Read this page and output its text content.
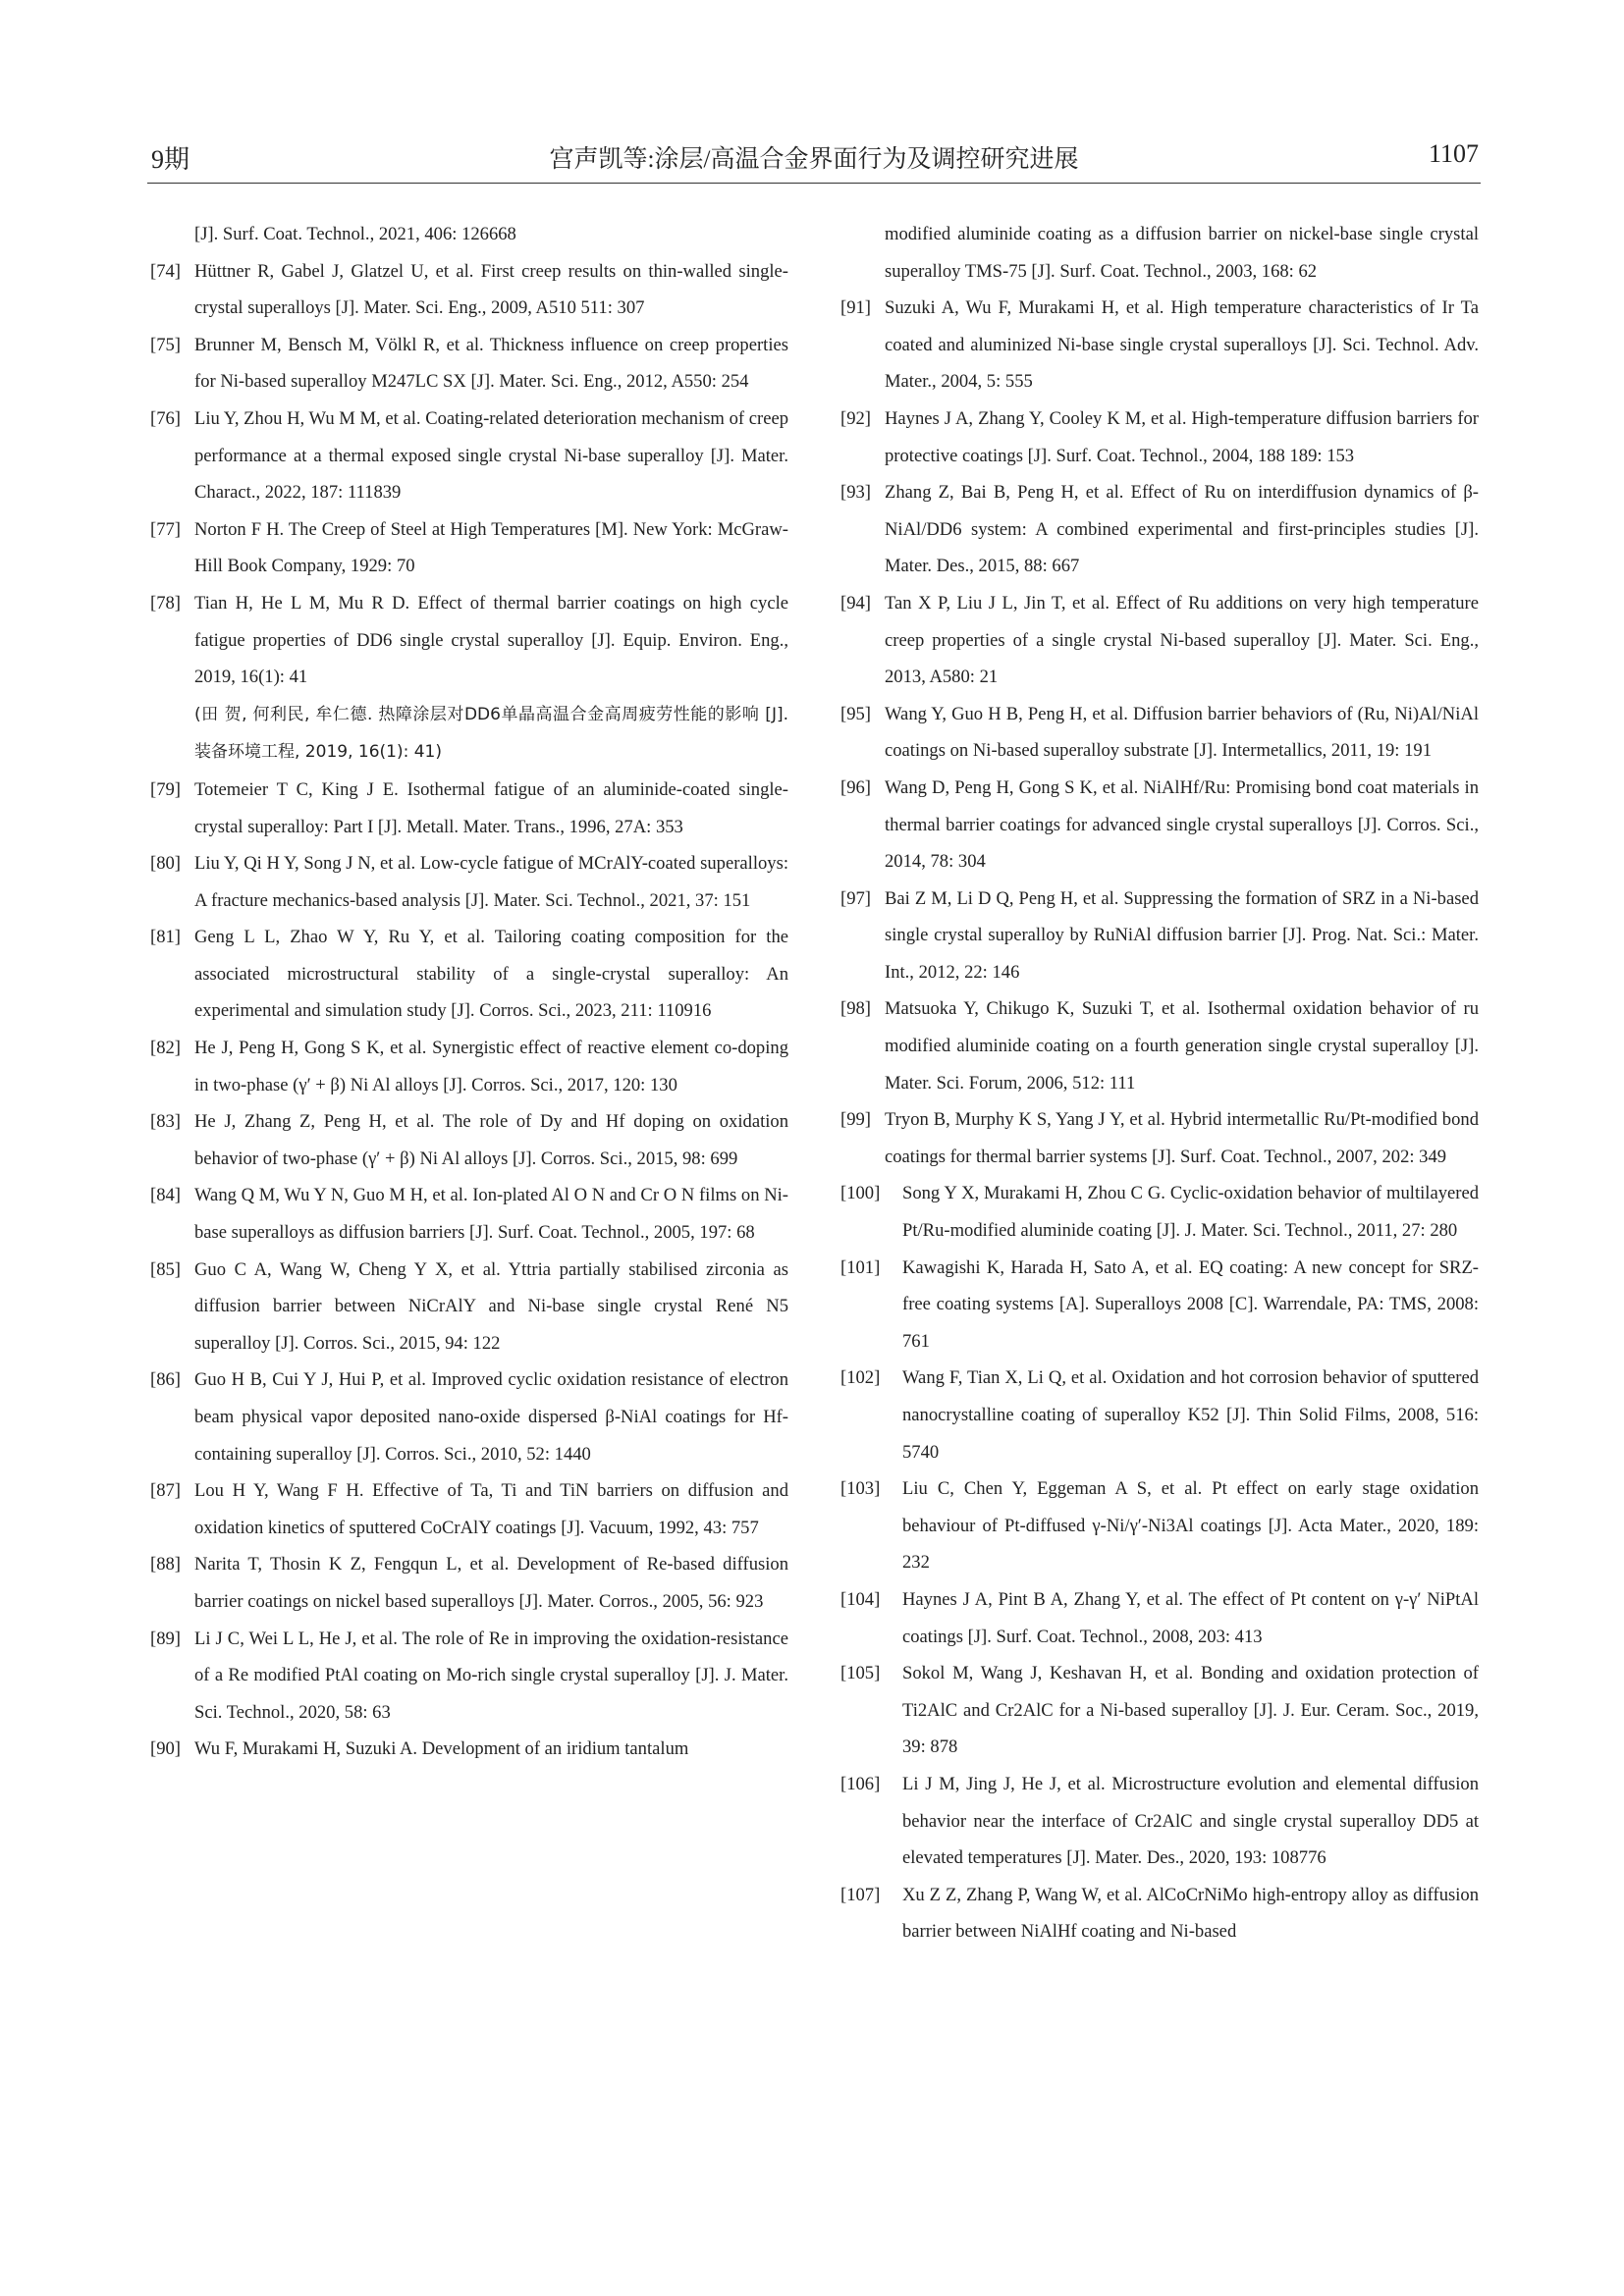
9期	宫声凯等:涂层/高温合金界面行为及调控研究进展	1107

[J]. Surf. Coat. Technol., 2021, 406: 126668

[74] Hüttner R, Gabel J, Glatzel U, et al. First creep results on thin-walled single-crystal superalloys [J]. Mater. Sci. Eng., 2009, A510 511: 307

[75] Brunner M, Bensch M, Völkl R, et al. Thickness influence on creep properties for Ni-based superalloy M247LC SX [J]. Mater. Sci. Eng., 2012, A550: 254

[76] Liu Y, Zhou H, Wu M M, et al. Coating-related deterioration mechanism of creep performance at a thermal exposed single crystal Ni-base superalloy [J]. Mater. Charact., 2022, 187: 111839

[77] Norton F H. The Creep of Steel at High Temperatures [M]. New York: McGraw-Hill Book Company, 1929: 70

[78] Tian H, He L M, Mu R D. Effect of thermal barrier coatings on high cycle fatigue properties of DD6 single crystal superalloy [J]. Equip. Environ. Eng., 2019, 16(1): 41
(田 贺, 何利民, 牟仁德. 热障涂层对DD6单晶高温合金高周疲劳性能的影响 [J]. 装备环境工程, 2019, 16(1): 41)

[79] Totemeier T C, King J E. Isothermal fatigue of an aluminide-coated single-crystal superalloy: Part I [J]. Metall. Mater. Trans., 1996, 27A: 353

[80] Liu Y, Qi H Y, Song J N, et al. Low-cycle fatigue of MCrAlY-coated superalloys: A fracture mechanics-based analysis [J]. Mater. Sci. Technol., 2021, 37: 151

[81] Geng L L, Zhao W Y, Ru Y, et al. Tailoring coating composition for the associated microstructural stability of a single-crystal superalloy: An experimental and simulation study [J]. Corros. Sci., 2023, 211: 110916

[82] He J, Peng H, Gong S K, et al. Synergistic effect of reactive element co-doping in two-phase (γ′ + β) Ni Al alloys [J]. Corros. Sci., 2017, 120: 130

[83] He J, Zhang Z, Peng H, et al. The role of Dy and Hf doping on oxidation behavior of two-phase (γ′ + β) Ni Al alloys [J]. Corros. Sci., 2015, 98: 699

[84] Wang Q M, Wu Y N, Guo M H, et al. Ion-plated Al O N and Cr O N films on Ni-base superalloys as diffusion barriers [J]. Surf. Coat. Technol., 2005, 197: 68

[85] Guo C A, Wang W, Cheng Y X, et al. Yttria partially stabilised zirconia as diffusion barrier between NiCrAlY and Ni-base single crystal René N5 superalloy [J]. Corros. Sci., 2015, 94: 122

[86] Guo H B, Cui Y J, Hui P, et al. Improved cyclic oxidation resistance of electron beam physical vapor deposited nano-oxide dispersed β-NiAl coatings for Hf-containing superalloy [J]. Corros. Sci., 2010, 52: 1440

[87] Lou H Y, Wang F H. Effective of Ta, Ti and TiN barriers on diffusion and oxidation kinetics of sputtered CoCrAlY coatings [J]. Vacuum, 1992, 43: 757

[88] Narita T, Thosin K Z, Fengqun L, et al. Development of Re-based diffusion barrier coatings on nickel based superalloys [J]. Mater. Corros., 2005, 56: 923

[89] Li J C, Wei L L, He J, et al. The role of Re in improving the oxidation-resistance of a Re modified PtAl coating on Mo-rich single crystal superalloy [J]. J. Mater. Sci. Technol., 2020, 58: 63

[90] Wu F, Murakami H, Suzuki A. Development of an iridium tantalum

modified aluminide coating as a diffusion barrier on nickel-base single crystal superalloy TMS-75 [J]. Surf. Coat. Technol., 2003, 168: 62

[91] Suzuki A, Wu F, Murakami H, et al. High temperature characteristics of Ir Ta coated and aluminized Ni-base single crystal superalloys [J]. Sci. Technol. Adv. Mater., 2004, 5: 555

[92] Haynes J A, Zhang Y, Cooley K M, et al. High-temperature diffusion barriers for protective coatings [J]. Surf. Coat. Technol., 2004, 188 189: 153

[93] Zhang Z, Bai B, Peng H, et al. Effect of Ru on interdiffusion dynamics of β-NiAl/DD6 system: A combined experimental and first-principles studies [J]. Mater. Des., 2015, 88: 667

[94] Tan X P, Liu J L, Jin T, et al. Effect of Ru additions on very high temperature creep properties of a single crystal Ni-based superalloy [J]. Mater. Sci. Eng., 2013, A580: 21

[95] Wang Y, Guo H B, Peng H, et al. Diffusion barrier behaviors of (Ru, Ni)Al/NiAl coatings on Ni-based superalloy substrate [J]. Intermetallics, 2011, 19: 191

[96] Wang D, Peng H, Gong S K, et al. NiAlHf/Ru: Promising bond coat materials in thermal barrier coatings for advanced single crystal superalloys [J]. Corros. Sci., 2014, 78: 304

[97] Bai Z M, Li D Q, Peng H, et al. Suppressing the formation of SRZ in a Ni-based single crystal superalloy by RuNiAl diffusion barrier [J]. Prog. Nat. Sci.: Mater. Int., 2012, 22: 146

[98] Matsuoka Y, Chikugo K, Suzuki T, et al. Isothermal oxidation behavior of ru modified aluminide coating on a fourth generation single crystal superalloy [J]. Mater. Sci. Forum, 2006, 512: 111

[99] Tryon B, Murphy K S, Yang J Y, et al. Hybrid intermetallic Ru/Pt-modified bond coatings for thermal barrier systems [J]. Surf. Coat. Technol., 2007, 202: 349

[100] Song Y X, Murakami H, Zhou C G. Cyclic-oxidation behavior of multilayered Pt/Ru-modified aluminide coating [J]. J. Mater. Sci. Technol., 2011, 27: 280

[101] Kawagishi K, Harada H, Sato A, et al. EQ coating: A new concept for SRZ-free coating systems [A]. Superalloys 2008 [C]. Warrendale, PA: TMS, 2008: 761

[102] Wang F, Tian X, Li Q, et al. Oxidation and hot corrosion behavior of sputtered nanocrystalline coating of superalloy K52 [J]. Thin Solid Films, 2008, 516: 5740

[103] Liu C, Chen Y, Eggeman A S, et al. Pt effect on early stage oxidation behaviour of Pt-diffused γ-Ni/γ′-Ni3Al coatings [J]. Acta Mater., 2020, 189: 232

[104] Haynes J A, Pint B A, Zhang Y, et al. The effect of Pt content on γ-γ′ NiPtAl coatings [J]. Surf. Coat. Technol., 2008, 203: 413

[105] Sokol M, Wang J, Keshavan H, et al. Bonding and oxidation protection of Ti2AlC and Cr2AlC for a Ni-based superalloy [J]. J. Eur. Ceram. Soc., 2019, 39: 878

[106] Li J M, Jing J, He J, et al. Microstructure evolution and elemental diffusion behavior near the interface of Cr2AlC and single crystal superalloy DD5 at elevated temperatures [J]. Mater. Des., 2020, 193: 108776

[107] Xu Z Z, Zhang P, Wang W, et al. AlCoCrNiMo high-entropy alloy as diffusion barrier between NiAlHf coating and Ni-based
